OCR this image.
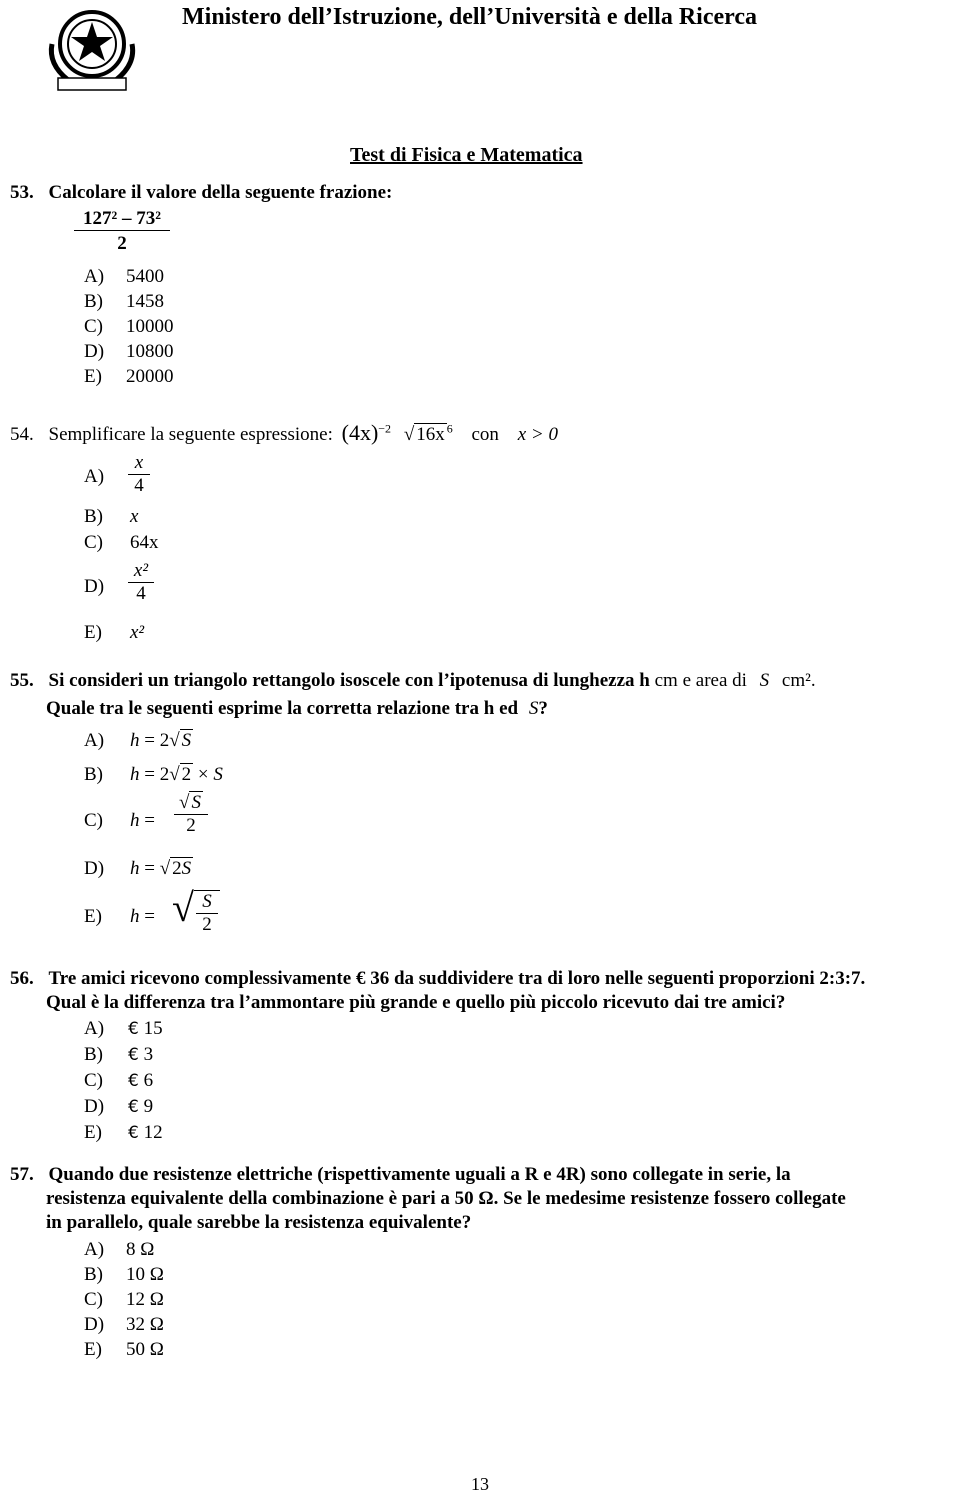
Ministero dell’Istruzione, dell’Università e della Ricerca
Test di Fisica e Matematica
53. Calcolare il valore della seguente frazione:
$\frac{\text{127² – 73²}}{2}$
A) 5400
B) 1458
C) 10000
D) 10800
E) 20000
54. Semplificare la seguente espressione: $(4x)^{-2}$ √ 16x $^6$ con x > 0
$A) \frac{x}{4}$
B) x
C) 64x
$D) \frac{\text{x²}}{4}$
E) x²
55. Si consideri un triangolo rettangolo isoscele con l’ipotenusa di lunghezza h cm e area di S cm².
Quale tra le seguenti esprime la corretta relazione tra h ed S?
A) h = 2√ S
B) h = 2√ 2 × S
C) $h = \frac{√ S}{2}$
D) h = √ 2S
E) h = √ $\frac{S}{2}$
56. Tre amici ricevono complessivamente € 36 da suddividere tra di loro nelle seguenti proporzioni 2:3:7.
Qual è la differenza tra l’ammontare più grande e quello più piccolo ricevuto dai tre amici?
A) € 15
B) € 3
C) € 6
D) € 9
E) € 12
57. Quando due resistenze elettriche (rispettivamente uguali a R e 4R) sono collegate in serie, la
resistenza equivalente della combinazione è pari a 50 Ω. Se le medesime resistenze fossero collegate
in parallelo, quale sarebbe la resistenza equivalente?
A) 8 Ω
B) 10 Ω
C) 12 Ω
D) 32 Ω
E) 50 Ω
13
